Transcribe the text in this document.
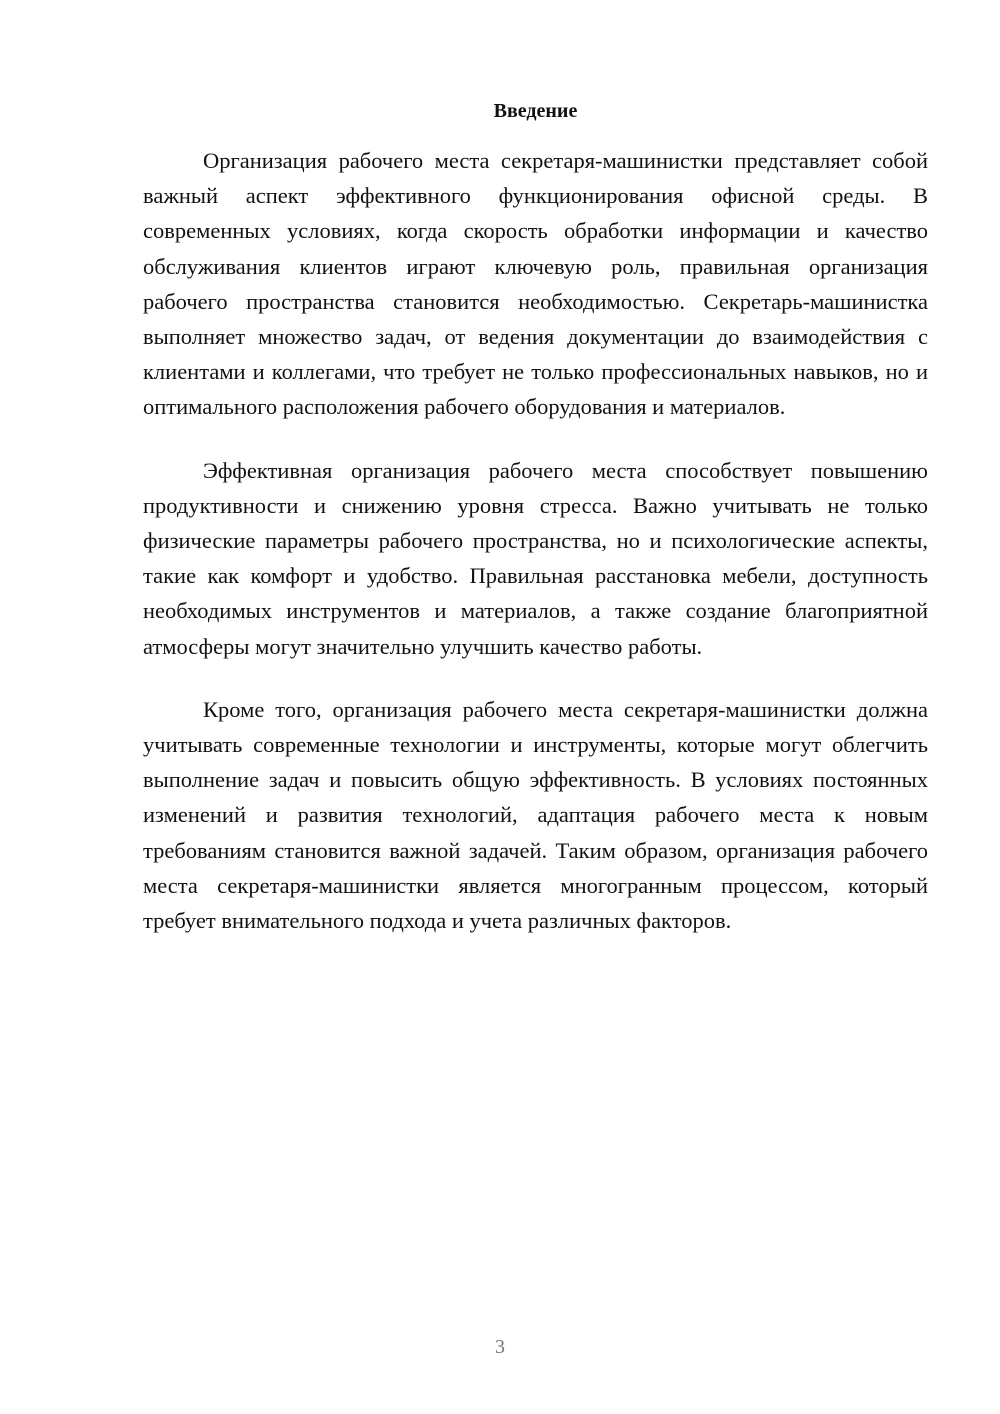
Введение

Организация рабочего места секретаря-машинистки представляет собой важный аспект эффективного функционирования офисной среды. В современных условиях, когда скорость обработки информации и качество обслуживания клиентов играют ключевую роль, правильная организация рабочего пространства становится необходимостью. Секретарь-машинистка выполняет множество задач, от ведения документации до взаимодействия с клиентами и коллегами, что требует не только профессиональных навыков, но и оптимального расположения рабочего оборудования и материалов.

Эффективная организация рабочего места способствует повышению продуктивности и снижению уровня стресса. Важно учитывать не только физические параметры рабочего пространства, но и психологические аспекты, такие как комфорт и удобство. Правильная расстановка мебели, доступность необходимых инструментов и материалов, а также создание благоприятной атмосферы могут значительно улучшить качество работы.

Кроме того, организация рабочего места секретаря-машинистки должна учитывать современные технологии и инструменты, которые могут облегчить выполнение задач и повысить общую эффективность. В условиях постоянных изменений и развития технологий, адаптация рабочего места к новым требованиям становится важной задачей. Таким образом, организация рабочего места секретаря-машинистки является многогранным процессом, который требует внимательного подхода и учета различных факторов.

3
